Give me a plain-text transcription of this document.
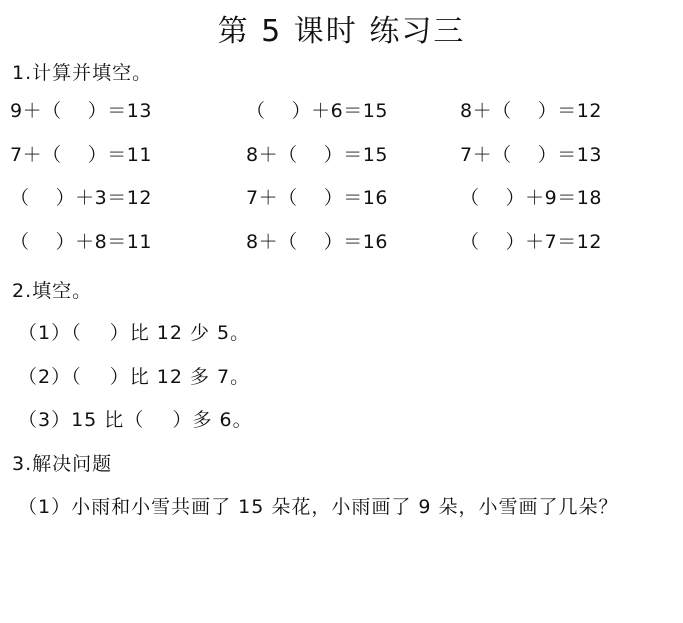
第 5 课时 练习三
1.计算并填空。
9＋（    ）＝13	（    ）＋6＝15	8＋（    ）＝12
7＋（    ）＝11	8＋（    ）＝15	7＋（    ）＝13
（    ）＋3＝12	7＋（    ）＝16	（    ）＋9＝18
（    ）＋8＝11	8＋（    ）＝16	（    ）＋7＝12
2.填空。
（1）（    ）比 12 少 5。
（2）（    ）比 12 多 7。
（3）15 比（    ）多 6。
3.解决问题
（1）小雨和小雪共画了 15 朵花，小雨画了 9 朵，小雪画了几朵？
